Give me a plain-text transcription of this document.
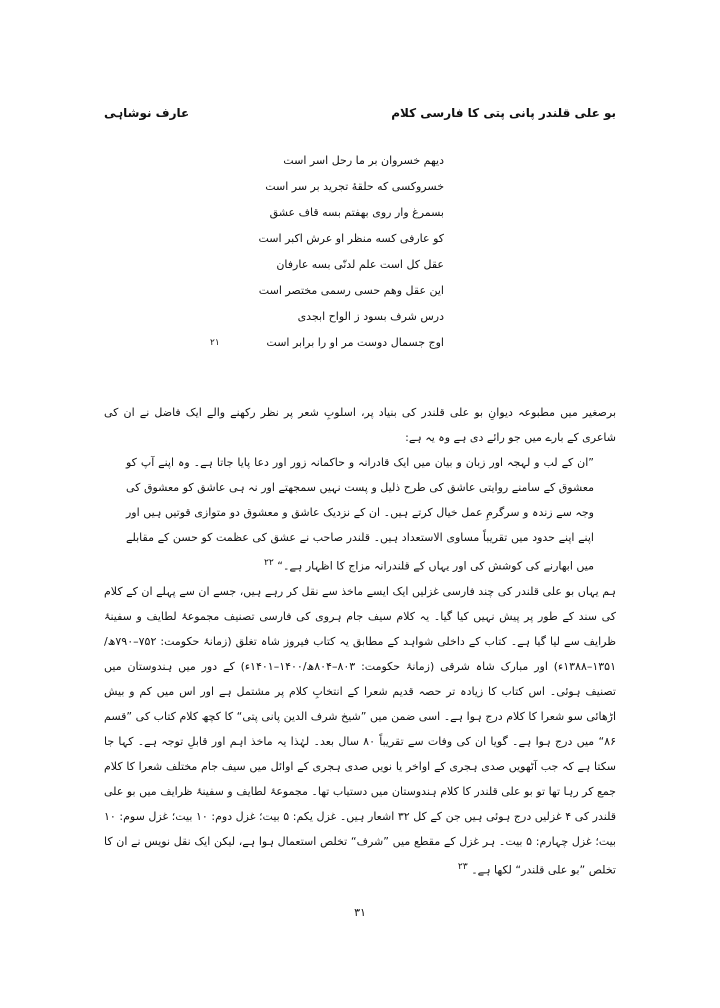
بو علی قلندر پانی پتی کا فارسی کلام
عارف نوشاہی
دیهم خسروان بر ما رحل اسر است
خسروکسی که حلقهٔ تجرید بر سر است
بسمرغ وار روی بهفتم بسه قاف عشق
کو عارفی کسه منظر او عرش اکبر است
عقل کل است علم لدنّی بسه عارفان
این عقل وهم حسی رسمی مختصر است
درس شرف بسود ز الواح ابجدی
اوج جسمال دوست مر او را برابر است
۲۱

برصغیر میں مطبوعہ دیوانِ بو علی قلندر کی بنیاد پر، اسلوبِ شعر پر نظر رکھنے والے ایک فاضل نے ان کی شاعری کے بارے میں جو رائے دی ہے وہ یہ ہے:

”ان کے لب و لہجہ اور زبان و بیان میں ایک قادرانہ و حاکمانہ زور اور دعا پایا جاتا ہے۔ وہ اپنے آپ کو معشوق کے سامنے روایتی عاشق کی طرح ذلیل و پست نہیں سمجھتے اور نہ ہی عاشق کو معشوق کی وجہ سے زندہ و سرگرمِ عمل خیال کرتے ہیں۔ ان کے نزدیک عاشق و معشوق دو متوازی قوتیں ہیں اور اپنے اپنے حدود میں تقریباً مساوی الاستعداد ہیں۔ قلندر صاحب نے عشق کی عظمت کو حسن کے مقابلے میں ابھارنے کی کوشش کی اور یہاں کے قلندرانہ مزاج کا اظہار ہے۔“ $^{۲۲}$

ہم یہاں بو علی قلندر کی چند فارسی غزلیں ایک ایسے ماخذ سے نقل کر رہے ہیں، جسے ان سے پہلے ان کے کلام کی سند کے طور پر پیش نہیں کیا گیا۔ یہ کلام سیف جام ہروی کی فارسی تصنیف مجموعۂ لطایف و سفینۂ ظرایف سے لیا گیا ہے۔ کتاب کے داخلی شواہد کے مطابق یہ کتاب فیروز شاہ تغلق (زمانۂ حکومت: ۷۵۲–۷۹۰ھ/۱۳۵۱–۱۳۸۸ء) اور مبارک شاہ شرقی (زمانۂ حکومت: ۸۰۳–۸۰۴ھ/۱۴۰۰–۱۴۰۱ء) کے دور میں ہندوستان میں تصنیف ہوئی۔ اس کتاب کا زیادہ تر حصہ قدیم شعرا کے انتخابِ کلام پر مشتمل ہے اور اس میں کم و بیش اڑھائی سو شعرا کا کلام درج ہوا ہے۔ اسی ضمن میں ”شیخ شرف الدین پانی پتی“ کا کچھ کلام کتاب کی ”قسم ۸۶“ میں درج ہوا ہے۔ گویا ان کی وفات سے تقریباً ۸۰ سال بعد۔ لہٰذا یہ ماخذ اہم اور قابلِ توجہ ہے۔ کہا جا سکتا ہے کہ جب آٹھویں صدی ہجری کے اواخر یا نویں صدی ہجری کے اوائل میں سیف جام مختلف شعرا کا کلام جمع کر رہا تھا تو بو علی قلندر کا کلام ہندوستان میں دستیاب تھا۔ مجموعۂ لطایف و سفینۂ ظرایف میں بو علی قلندر کی ۴ غزلیں درج ہوئی ہیں جن کے کل ۳۲ اشعار ہیں۔ غزل یکم: ۵ بیت؛ غزل دوم: ۱۰ بیت؛ غزل سوم: ۱۰ بیت؛ غزل چہارم: ۵ بیت۔ ہر غزل کے مقطع میں ”شرف“ تخلص استعمال ہوا ہے، لیکن ایک نقل نویس نے ان کا تخلص ”بو علی قلندر“ لکھا ہے۔ $^{۲۳}$

۳۱
